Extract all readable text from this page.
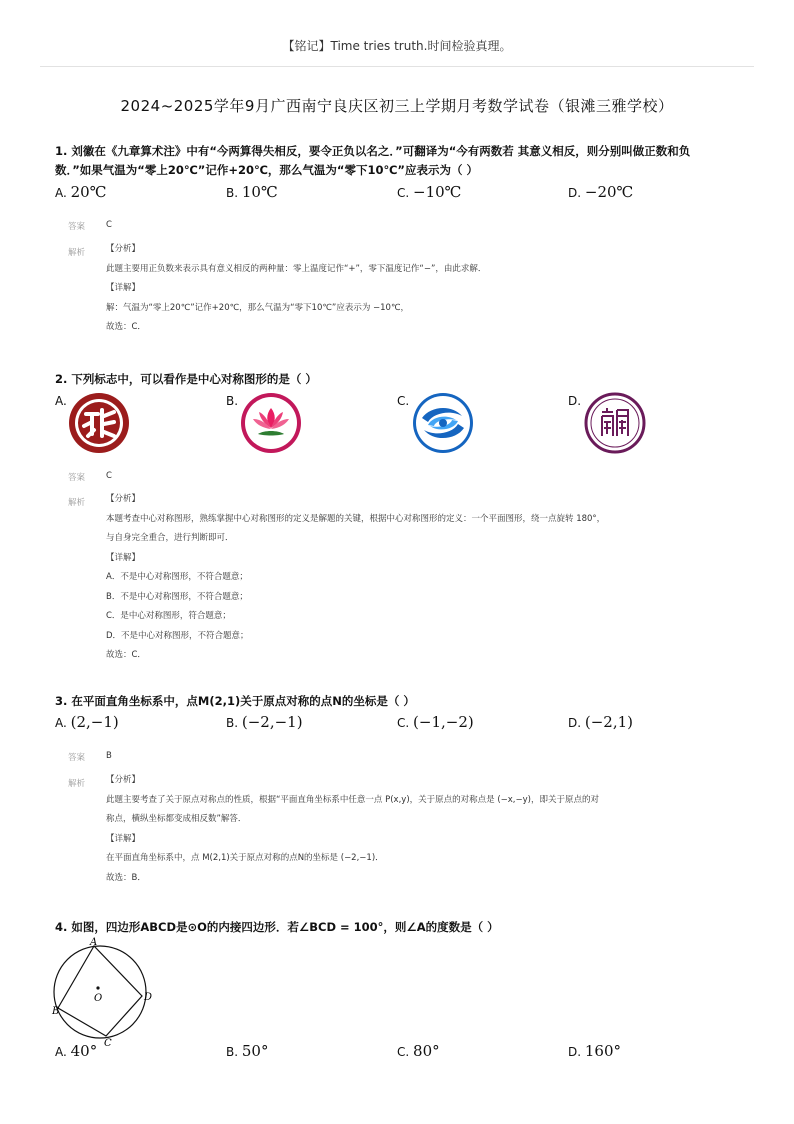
【铭记】Time tries truth.时间检验真理。
2024~2025学年9月广西南宁良庆区初三上学期月考数学试卷（银滩三雅学校）
1. 刘徽在《九章算术注》中有“今两算得失相反，要令正负以名之．”可翻译为“今有两数若 其意义相反，则分别叫做正数和负
数．”如果气温为“零上20℃”记作+20℃，那么气温为“零下10℃”应表示为（ ）
A. 20℃	B. 10℃	C. −10℃	D. −20℃
答案 C
解析 【分析】
此题主要用正负数来表示具有意义相反的两种量：零上温度记作“+”，零下温度记作“−”，由此求解．
【详解】
解：气温为“零上20℃”记作+20℃，那么气温为“零下10℃”应表示为 −10℃，
故选：C．
2. 下列标志中，可以看作是中心对称图形的是（ ）
A.	B.	C.	D.
答案 C
解析 【分析】
本题考查中心对称图形，熟练掌握中心对称图形的定义是解题的关键，根据中心对称图形的定义：一个平面图形，绕一点旋转 180°，
与自身完全重合，进行判断即可．
【详解】
A．不是中心对称图形，不符合题意；
B．不是中心对称图形，不符合题意；
C．是中心对称图形，符合题意；
D．不是中心对称图形，不符合题意；
故选：C．
3. 在平面直角坐标系中，点M(2,1)关于原点对称的点N的坐标是（ ）
A. (2,−1)	B. (−2,−1)	C. (−1,−2)	D. (−2,1)
答案 B
解析 【分析】
此题主要考查了关于原点对称点的性质，根据“平面直角坐标系中任意一点 P(x,y)，关于原点的对称点是 (−x,−y)，即关于原点的对
称点，横纵坐标都变成相反数”解答．
【详解】
在平面直角坐标系中，点 M(2,1)关于原点对称的点N的坐标是 (−2,−1)．
故选：B．
4. 如图，四边形ABCD是⊙O的内接四边形．若∠BCD = 100°，则∠A的度数是（ ）
A
B
C
D
O
A. 40°	B. 50°	C. 80°	D. 160°
